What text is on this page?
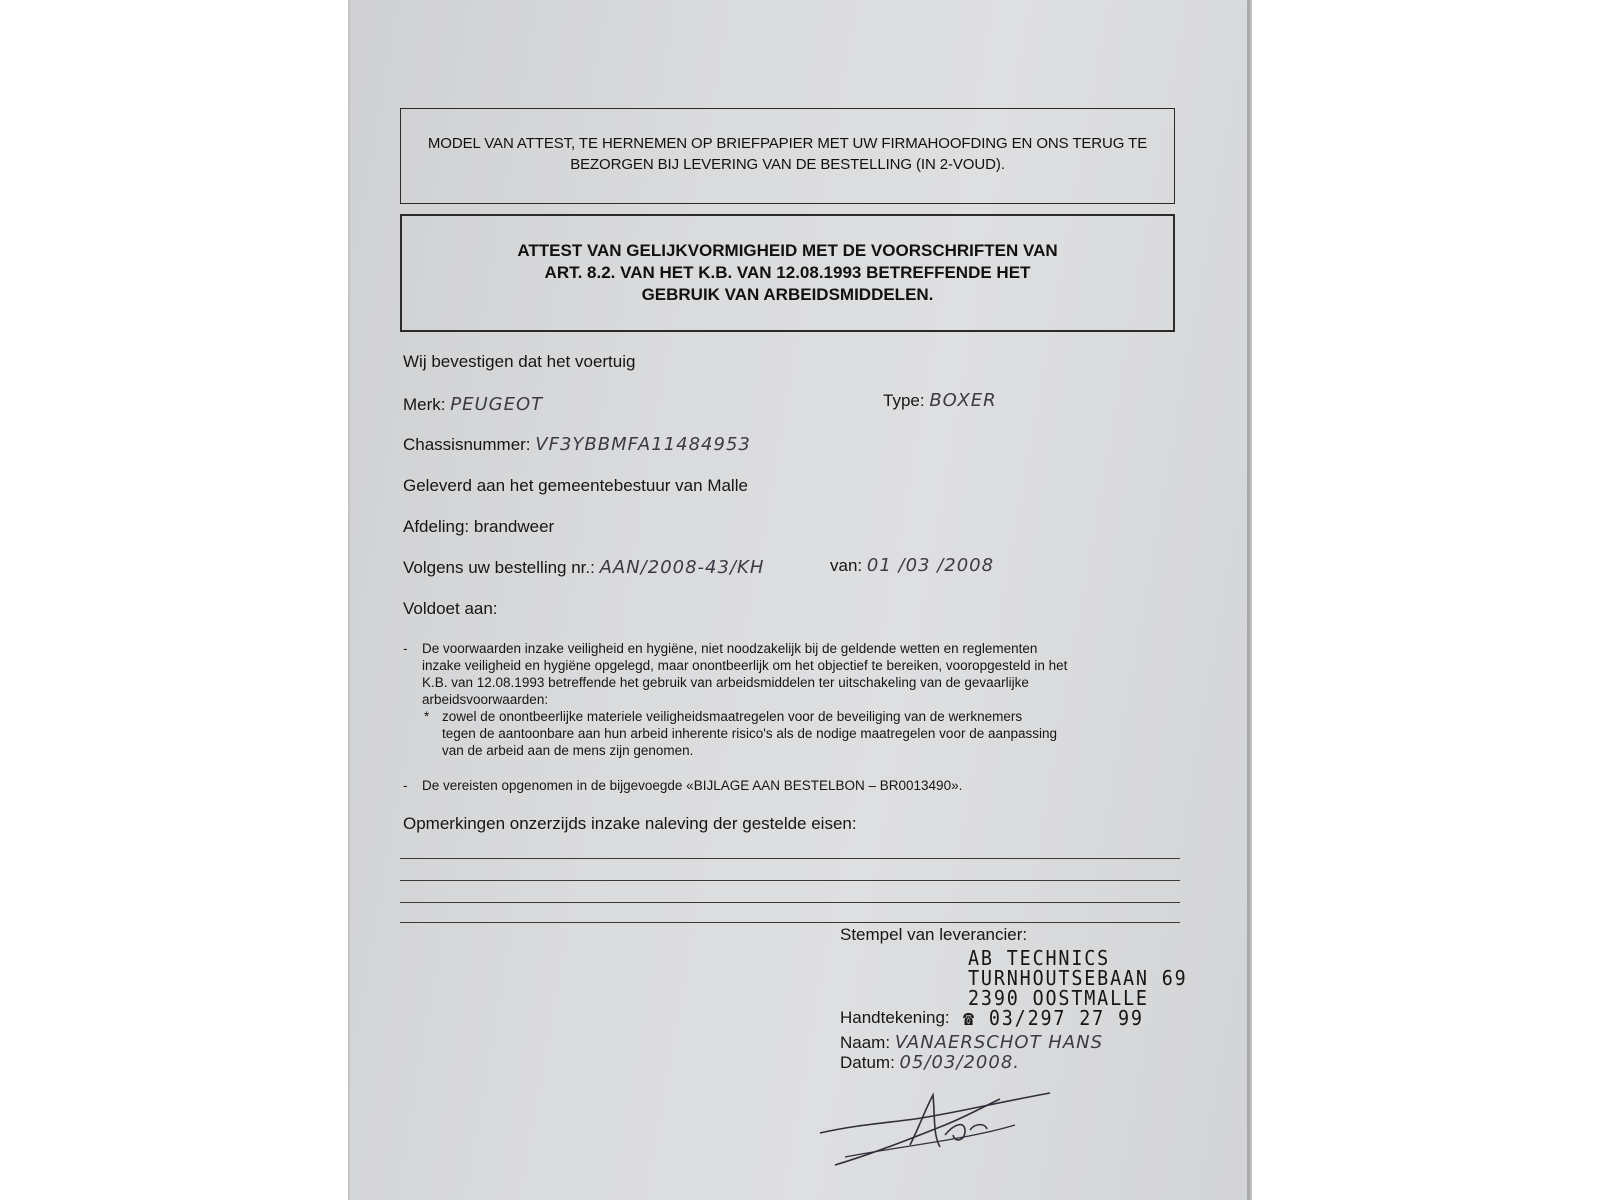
MODEL VAN ATTEST, TE HERNEMEN OP BRIEFPAPIER MET UW FIRMAHOOFDING EN ONS TERUG TE
BEZORGEN BIJ LEVERING VAN DE BESTELLING (IN 2-VOUD).
ATTEST VAN GELIJKVORMIGHEID MET DE VOORSCHRIFTEN VAN
ART. 8.2. VAN HET K.B. VAN 12.08.1993 BETREFFENDE HET
GEBRUIK VAN ARBEIDSMIDDELEN.
Wij bevestigen dat het voertuig
Merk: PEUGEOT	Type: BOXER
Chassisnummer: VF3YBBMFA11484953
Geleverd aan het gemeentebestuur van Malle
Afdeling: brandweer
Volgens uw bestelling nr.: AAN/2008-43/KH	van: 01 /03 /2008
Voldoet aan:
- De voorwaarden inzake veiligheid en hygiëne, niet noodzakelijk bij de geldende wetten en reglementen
inzake veiligheid en hygiëne opgelegd, maar onontbeerlijk om het objectief te bereiken, vooropgesteld in het
K.B. van 12.08.1993 betreffende het gebruik van arbeidsmiddelen ter uitschakeling van de gevaarlijke
arbeidsvoorwaarden:
* zowel de onontbeerlijke materiele veiligheidsmaatregelen voor de beveiliging van de werknemers
tegen de aantoonbare aan hun arbeid inherente risico's als de nodige maatregelen voor de aanpassing
van de arbeid aan de mens zijn genomen.
- De vereisten opgenomen in de bijgevoegde «BIJLAGE AAN BESTELBON – BR0013490».
Opmerkingen onzerzijds inzake naleving der gestelde eisen:
Stempel van leverancier:
AB TECHNICS
TURNHOUTSEBAAN 69
2390 OOSTMALLE
Handtekening: ☎ 03/297 27 99
Naam: VANAERSCHOT HANS
Datum: 05/03/2008.
